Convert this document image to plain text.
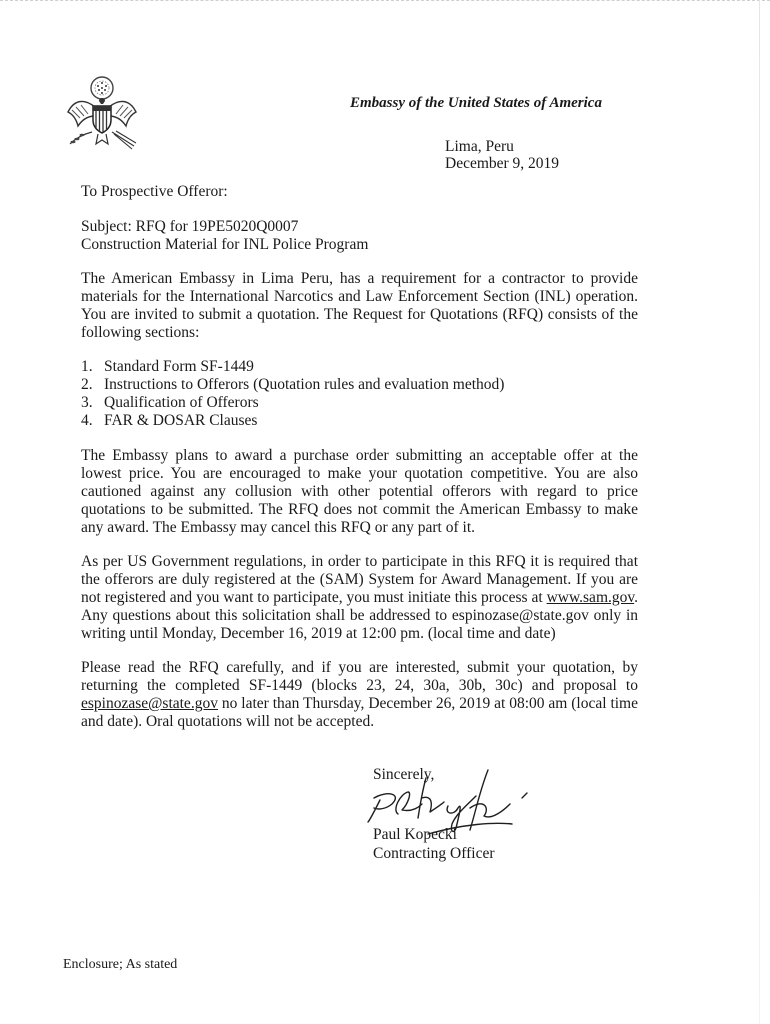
Embassy of the United States of America
Lima, Peru
December 9, 2019
To Prospective Offeror:
Subject: RFQ for 19PE5020Q0007
Construction Material for INL Police Program
The American Embassy in Lima Peru, has a requirement for a contractor to provide materials for the International Narcotics and Law Enforcement Section (INL) operation. You are invited to submit a quotation. The Request for Quotations (RFQ) consists of the following sections:
1. Standard Form SF-1449
2. Instructions to Offerors (Quotation rules and evaluation method)
3. Qualification of Offerors
4. FAR & DOSAR Clauses
The Embassy plans to award a purchase order submitting an acceptable offer at the lowest price. You are encouraged to make your quotation competitive. You are also cautioned against any collusion with other potential offerors with regard to price quotations to be submitted. The RFQ does not commit the American Embassy to make any award. The Embassy may cancel this RFQ or any part of it.
As per US Government regulations, in order to participate in this RFQ it is required that the offerors are duly registered at the (SAM) System for Award Management. If you are not registered and you want to participate, you must initiate this process at www.sam.gov. Any questions about this solicitation shall be addressed to espinozase@state.gov only in writing until Monday, December 16, 2019 at 12:00 pm. (local time and date)
Please read the RFQ carefully, and if you are interested, submit your quotation, by returning the completed SF-1449 (blocks 23, 24, 30a, 30b, 30c) and proposal to espinozase@state.gov no later than Thursday, December 26, 2019 at 08:00 am (local time and date). Oral quotations will not be accepted.
Sincerely,
Paul Kopecki
Contracting Officer
Enclosure; As stated
